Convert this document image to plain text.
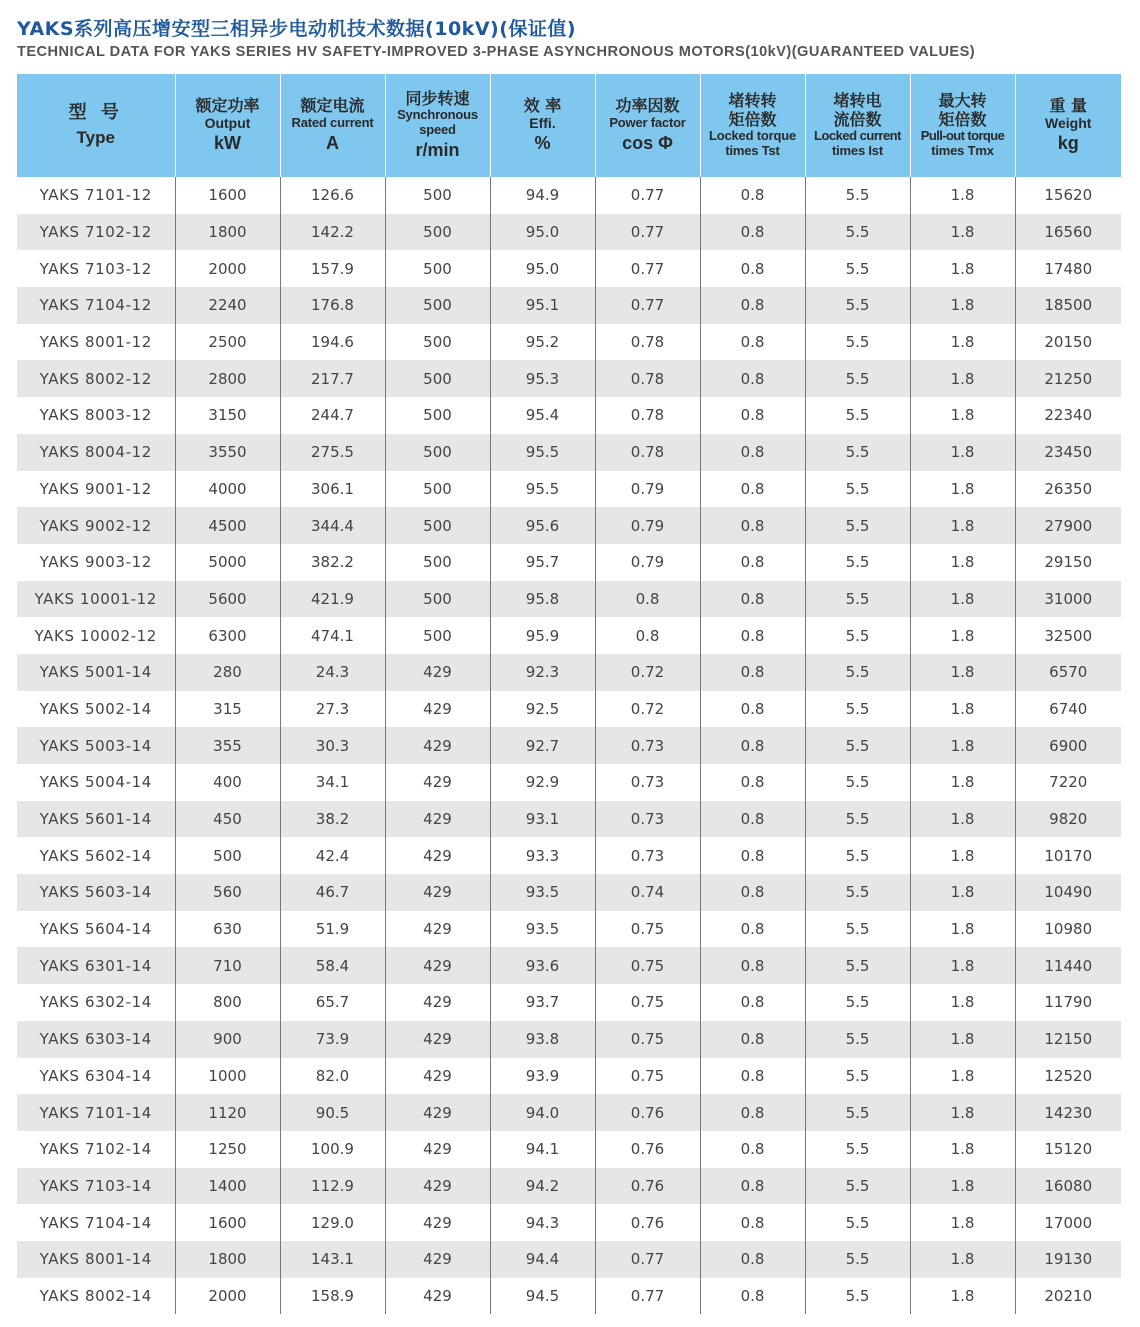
YAKS系列高压增安型三相异步电动机技术数据(10kV)(保证值)
TECHNICAL DATA FOR YAKS SERIES HV SAFETY-IMPROVED 3-PHASE ASYNCHRONOUS MOTORS(10kV)(GUARANTEED VALUES)
型 号
Type	额定功率
Output
kW	额定电流
Rated current
A	同步转速
Synchronous speed
r/min	效 率
Effi.
%	功率因数
Power factor
cos Φ	堵转转矩倍数
Locked torque
times Tst	堵转电流倍数
Locked current
times Ist	最大转矩倍数
Pull-out torque
times Tmx	重 量
Weight
kg

YAKS 7101-12	1600	126.6	500	94.9	0.77	0.8	5.5	1.8	15620
YAKS 7102-12	1800	142.2	500	95.0	0.77	0.8	5.5	1.8	16560
YAKS 7103-12	2000	157.9	500	95.0	0.77	0.8	5.5	1.8	17480
YAKS 7104-12	2240	176.8	500	95.1	0.77	0.8	5.5	1.8	18500
YAKS 8001-12	2500	194.6	500	95.2	0.78	0.8	5.5	1.8	20150
YAKS 8002-12	2800	217.7	500	95.3	0.78	0.8	5.5	1.8	21250
YAKS 8003-12	3150	244.7	500	95.4	0.78	0.8	5.5	1.8	22340
YAKS 8004-12	3550	275.5	500	95.5	0.78	0.8	5.5	1.8	23450
YAKS 9001-12	4000	306.1	500	95.5	0.79	0.8	5.5	1.8	26350
YAKS 9002-12	4500	344.4	500	95.6	0.79	0.8	5.5	1.8	27900
YAKS 9003-12	5000	382.2	500	95.7	0.79	0.8	5.5	1.8	29150
YAKS 10001-12	5600	421.9	500	95.8	0.8	0.8	5.5	1.8	31000
YAKS 10002-12	6300	474.1	500	95.9	0.8	0.8	5.5	1.8	32500
YAKS 5001-14	280	24.3	429	92.3	0.72	0.8	5.5	1.8	6570
YAKS 5002-14	315	27.3	429	92.5	0.72	0.8	5.5	1.8	6740
YAKS 5003-14	355	30.3	429	92.7	0.73	0.8	5.5	1.8	6900
YAKS 5004-14	400	34.1	429	92.9	0.73	0.8	5.5	1.8	7220
YAKS 5601-14	450	38.2	429	93.1	0.73	0.8	5.5	1.8	9820
YAKS 5602-14	500	42.4	429	93.3	0.73	0.8	5.5	1.8	10170
YAKS 5603-14	560	46.7	429	93.5	0.74	0.8	5.5	1.8	10490
YAKS 5604-14	630	51.9	429	93.5	0.75	0.8	5.5	1.8	10980
YAKS 6301-14	710	58.4	429	93.6	0.75	0.8	5.5	1.8	11440
YAKS 6302-14	800	65.7	429	93.7	0.75	0.8	5.5	1.8	11790
YAKS 6303-14	900	73.9	429	93.8	0.75	0.8	5.5	1.8	12150
YAKS 6304-14	1000	82.0	429	93.9	0.75	0.8	5.5	1.8	12520
YAKS 7101-14	1120	90.5	429	94.0	0.76	0.8	5.5	1.8	14230
YAKS 7102-14	1250	100.9	429	94.1	0.76	0.8	5.5	1.8	15120
YAKS 7103-14	1400	112.9	429	94.2	0.76	0.8	5.5	1.8	16080
YAKS 7104-14	1600	129.0	429	94.3	0.76	0.8	5.5	1.8	17000
YAKS 8001-14	1800	143.1	429	94.4	0.77	0.8	5.5	1.8	19130
YAKS 8002-14	2000	158.9	429	94.5	0.77	0.8	5.5	1.8	20210
